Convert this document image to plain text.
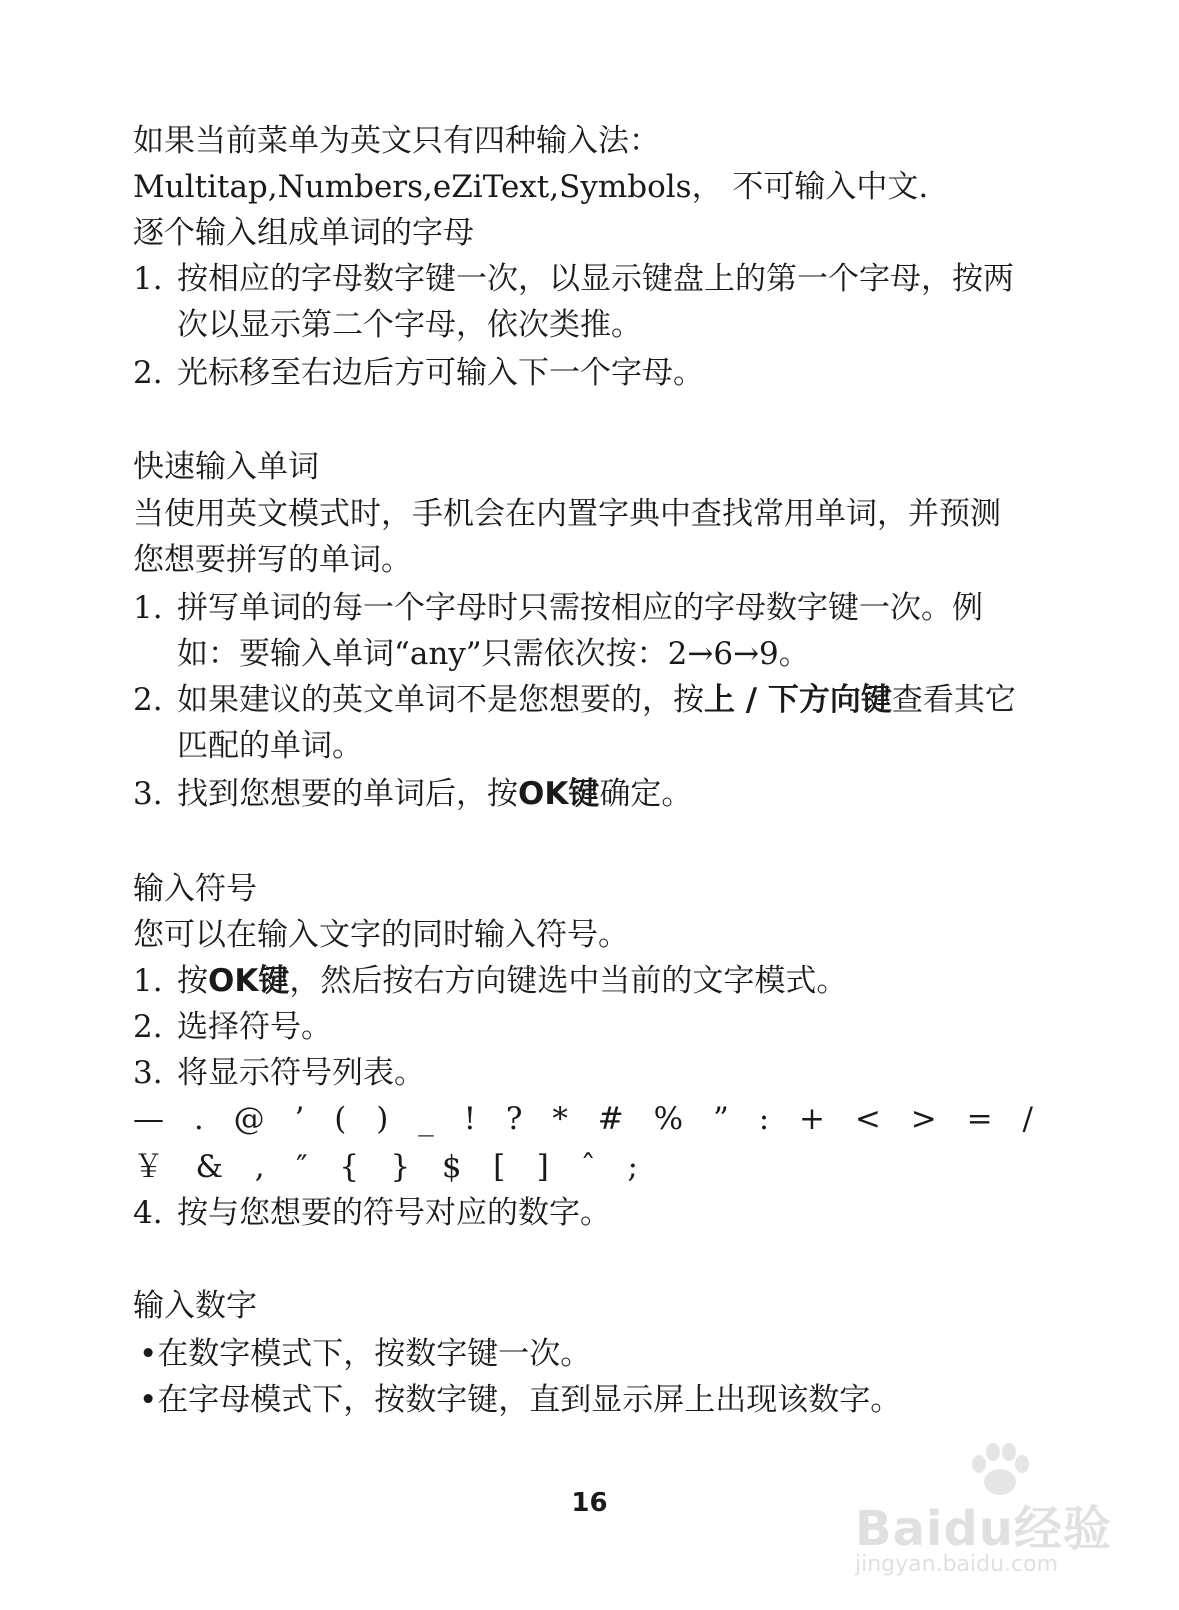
如果当前菜单为英文只有四种输入法：
Multitap,Numbers,eZiText,Symbols， 不可输入中文.
逐个输入组成单词的字母
1. 按相应的字母数字键一次，以显示键盘上的第一个字母，按两
次以显示第二个字母，依次类推。
2. 光标移至右边后方可输入下一个字母。
快速输入单词
当使用英文模式时，手机会在内置字典中查找常用单词，并预测
您想要拼写的单词。
1. 拼写单词的每一个字母时只需按相应的字母数字键一次。例
如：要输入单词“any”只需依次按：2→6→9。
2. 如果建议的英文单词不是您想要的，按上 / 下方向键查看其它
匹配的单词。
3. 找到您想要的单词后，按OK键确定。
输入符号
您可以在输入文字的同时输入符号。
1. 按OK键，然后按右方向键选中当前的文字模式。
2. 选择符号。
3. 将显示符号列表。
— . @ ’ ( ) _ ! ? * # % ” : + < > = /
￥ & , ″ { } $ [ ] ˆ ;
4. 按与您想要的符号对应的数字。
输入数字
•在数字模式下，按数字键一次。
•在字母模式下，按数字键，直到显示屏上出现该数字。
16	Baidu经验
jingyan.baidu.com
